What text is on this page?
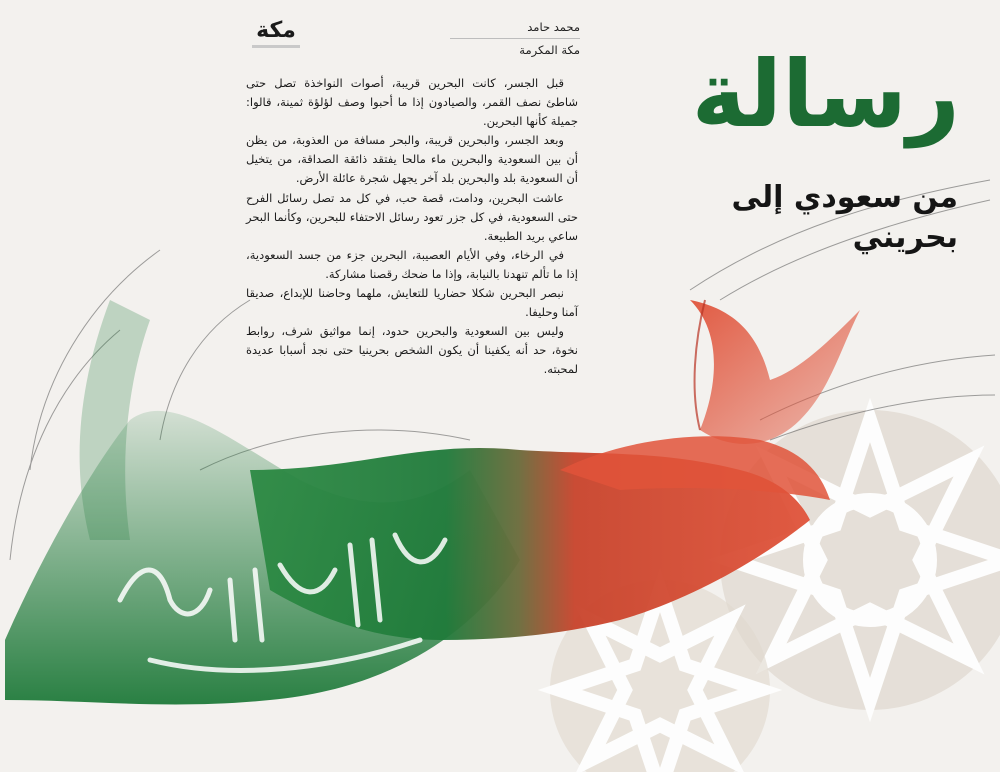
مكة	محمد حامد
مكة المكرمة	رسالة
من سعودي إلى بحريني

قبل الجسر، كانت البحرين قريبة، أصوات النواخذة تصل حتى شاطئ نصف القمر، والصيادون إذا ما أحبوا وصف لؤلؤة ثمينة، قالوا: جميلة كأنها البحرين.

وبعد الجسر، والبحرين قريبة، والبحر مسافة من العذوبة، من يظن أن بين السعودية والبحرين ماء مالحا يفتقد ذائقة الصداقة، من يتخيل أن السعودية بلد والبحرين بلد آخر يجهل شجرة عائلة الأرض.

عاشت البحرين، ودامت، قصة حب، في كل مد تصل رسائل الفرح حتى السعودية، في كل جزر تعود رسائل الاحتفاء للبحرين، وكأنما البحر ساعي بريد الطبيعة.

في الرخاء، وفي الأيام العصيبة، البحرين جزء من جسد السعودية، إذا ما تألم تنهدنا بالنيابة، وإذا ما ضحك رقصنا مشاركة.

نبصر البحرين شكلا حضاريا للتعايش، ملهما وحاضنا للإبداع، صديقا آمنا وحليفا.

وليس بين السعودية والبحرين حدود، إنما مواثيق شرف، روابط نخوة، حد أنه يكفينا أن يكون الشخص بحرينيا حتى نجد أسبابا عديدة لمحبته.
